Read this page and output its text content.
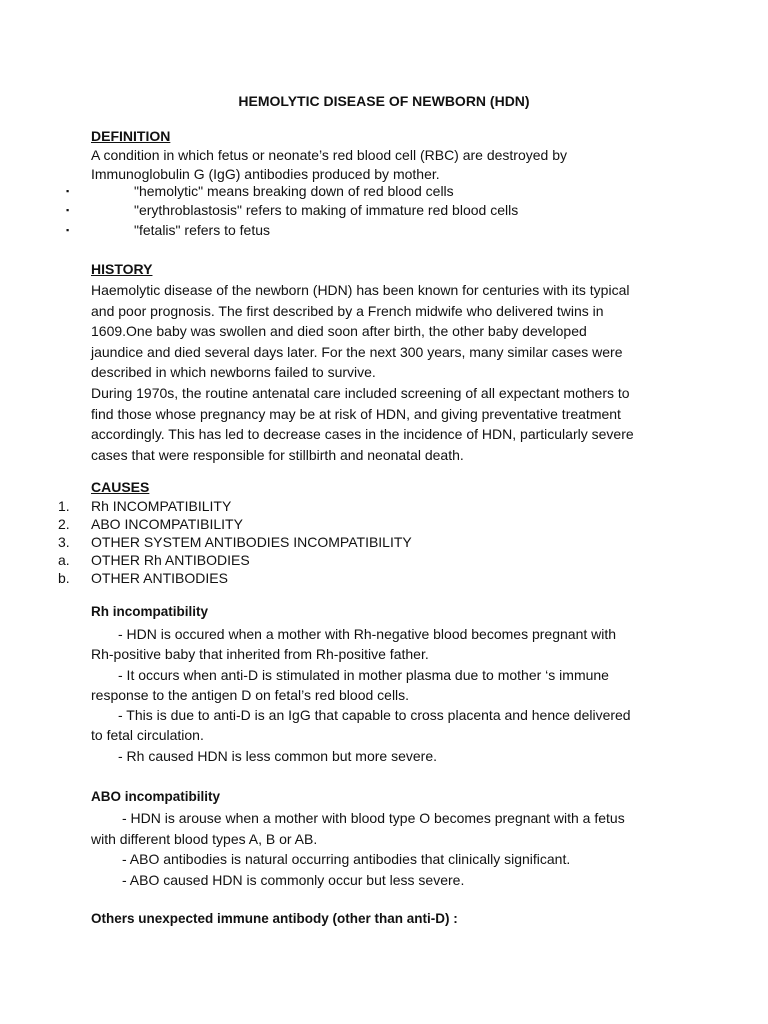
HEMOLYTIC DISEASE OF NEWBORN (HDN)
DEFINITION

A condition in which fetus or neonate’s red blood cell (RBC) are destroyed by

Immunoglobulin G (IgG) antibodies produced by mother.

▪	"hemolytic" means breaking down of red blood cells
▪	"erythroblastosis" refers to making of immature red blood cells
▪	"fetalis" refers to fetus
HISTORY

Haemolytic disease of the newborn (HDN) has been known for centuries with its typical

and poor prognosis. The first described by a French midwife who delivered twins in

1609.One baby was swollen and died soon after birth, the other baby developed

jaundice and died several days later. For the next 300 years, many similar cases were

described in which newborns failed to survive.

During 1970s, the routine antenatal care included screening of all expectant mothers to

find those whose pregnancy may be at risk of HDN, and giving preventative treatment

accordingly. This has led to decrease cases in the incidence of HDN, particularly severe

cases that were responsible for stillbirth and neonatal death.

CAUSES
1. Rh INCOMPATIBILITY
2. ABO INCOMPATIBILITY
3. OTHER SYSTEM ANTIBODIES INCOMPATIBILITY
a. OTHER Rh ANTIBODIES
b. OTHER ANTIBODIES
Rh incompatibility

- HDN is occured when a mother with Rh-negative blood becomes pregnant with

Rh-positive baby that inherited from Rh-positive father.

- It occurs when anti-D is stimulated in mother plasma due to mother ‘s immune

response to the antigen D on fetal’s red blood cells.

- This is due to anti-D is an IgG that capable to cross placenta and hence delivered

to fetal circulation.

- Rh caused HDN is less common but more severe.

ABO incompatibility

- HDN is arouse when a mother with blood type O becomes pregnant with a fetus

with different blood types A, B or AB.

- ABO antibodies is natural occurring antibodies that clinically significant.

- ABO caused HDN is commonly occur but less severe.

Others unexpected immune antibody (other than anti-D) :
